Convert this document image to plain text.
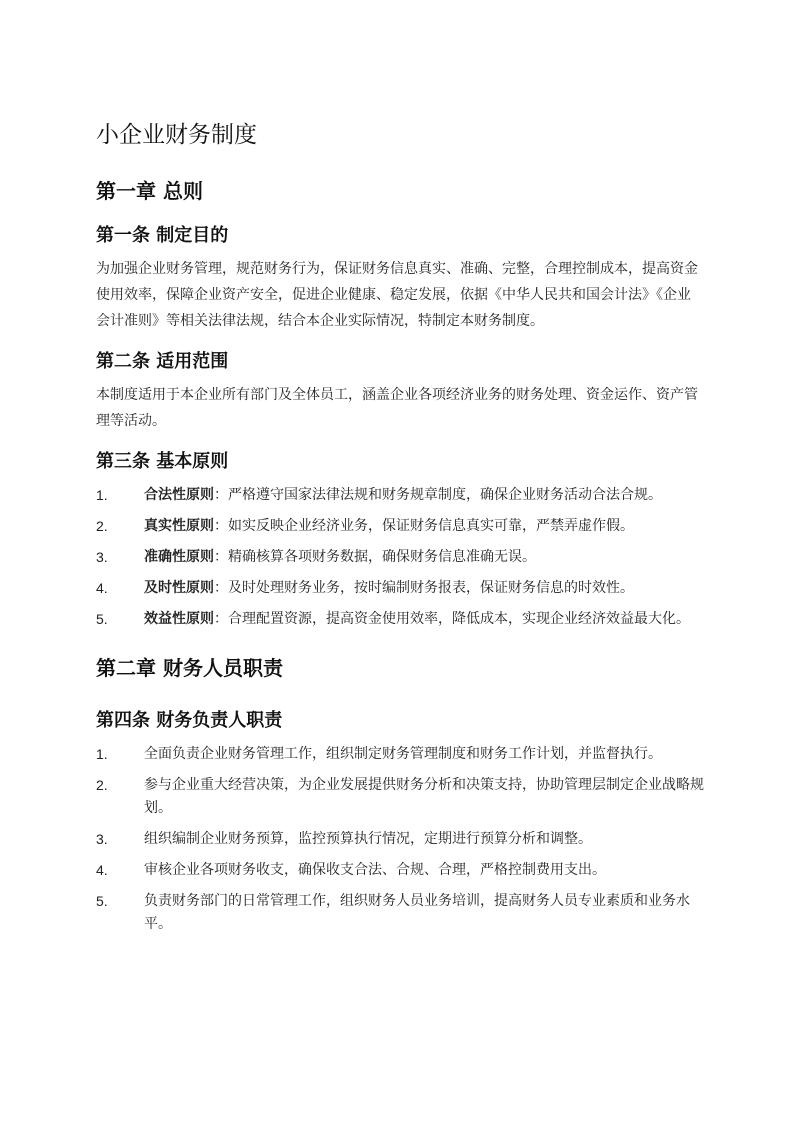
小企业财务制度
第一章 总则
第一条 制定目的

为加强企业财务管理，规范财务行为，保证财务信息真实、准确、完整，合理控制成本，提高资金使用效率，保障企业资产安全，促进企业健康、稳定发展，依据《中华人民共和国会计法》《企业会计准则》等相关法律法规，结合本企业实际情况，特制定本财务制度。

第二条 适用范围

本制度适用于本企业所有部门及全体员工，涵盖企业各项经济业务的财务处理、资金运作、资产管理等活动。

第三条 基本原则
1.	合法性原则：严格遵守国家法律法规和财务规章制度，确保企业财务活动合法合规。
2.	真实性原则：如实反映企业经济业务，保证财务信息真实可靠，严禁弄虚作假。
3.	准确性原则：精确核算各项财务数据，确保财务信息准确无误。
4.	及时性原则：及时处理财务业务，按时编制财务报表，保证财务信息的时效性。
5.	效益性原则：合理配置资源，提高资金使用效率，降低成本，实现企业经济效益最大化。
第二章 财务人员职责
第四条 财务负责人职责
1.	全面负责企业财务管理工作，组织制定财务管理制度和财务工作计划，并监督执行。
2.	参与企业重大经营决策，为企业发展提供财务分析和决策支持，协助管理层制定企业战略规划。
3.	组织编制企业财务预算，监控预算执行情况，定期进行预算分析和调整。
4.	审核企业各项财务收支，确保收支合法、合规、合理，严格控制费用支出。
5.	负责财务部门的日常管理工作，组织财务人员业务培训，提高财务人员专业素质和业务水平。
